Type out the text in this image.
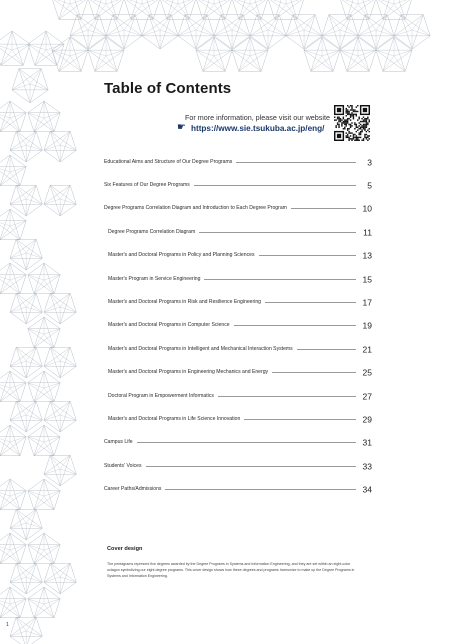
Table of Contents
For more information, please visit our website
☛ https://www.sie.tsukuba.ac.jp/eng/
Educational Aims and Structure of Our Degree Programs	3
Six Features of Our Degree Programs	5
Degree Programs Correlation Diagram and Introduction to Each Degree Program	10
Degree Programs Correlation Diagram	11
Master's and Doctoral Programs in Policy and Planning Sciences	13
Master's Program in Service Engineering	15
Master's and Doctoral Programs in Risk and Resilience Engineering	17
Master's and Doctoral Programs in Computer Science	19
Master's and Doctoral Programs in Intelligent and Mechanical Interaction Systems	21
Master's and Doctoral Programs in Engineering Mechanics and Energy	25
Doctoral Program in Empowerment Informatics	27
Master's and Doctoral Programs in Life Science Innovation	29
Campus Life	31
Students' Voices	33
Career Paths/Admissions	34
Cover design

The pentagrams represent five degrees awarded by the Degree Programs in Systems and Information Engineering, and they are set within an eight-color octagon symbolizing our eight degree programs. This cover design shows how these degrees and programs harmonize to make up the Degree Programs in Systems and Information Engineering.

1
